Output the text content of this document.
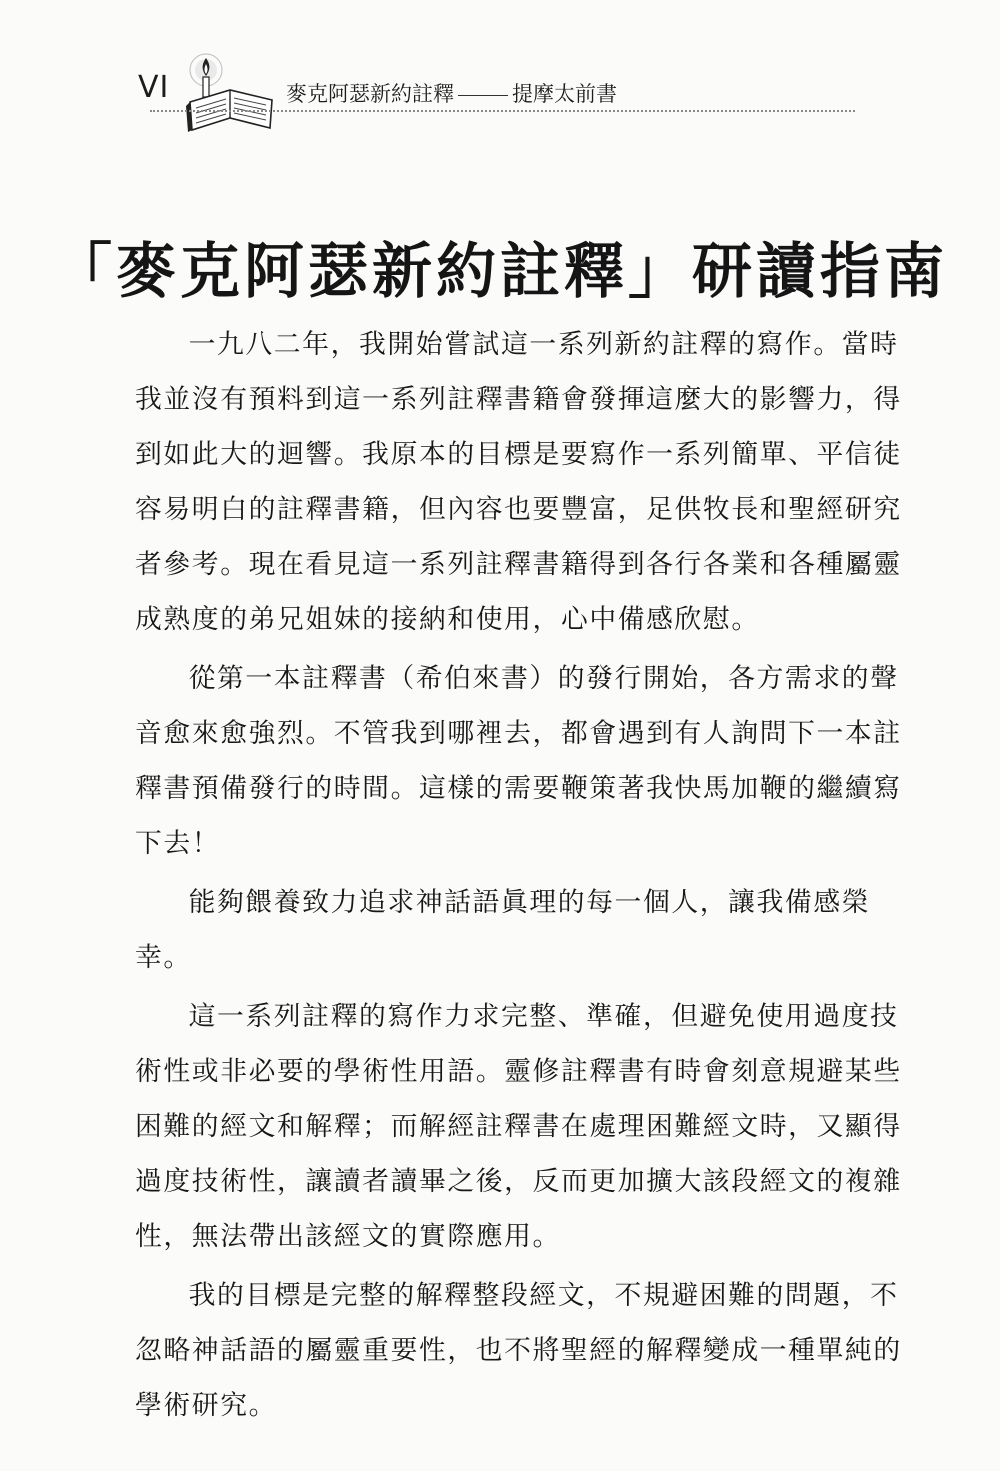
VI	麥克阿瑟新約註釋	提摩太前書
「麥克阿瑟新約註釋」研讀指南

一九八二年，我開始嘗試這一系列新約註釋的寫作。當時我並沒有預料到這一系列註釋書籍會發揮這麼大的影響力，得到如此大的迴響。我原本的目標是要寫作一系列簡單、平信徒容易明白的註釋書籍，但內容也要豐富，足供牧長和聖經研究者參考。現在看見這一系列註釋書籍得到各行各業和各種屬靈成熟度的弟兄姐妹的接納和使用，心中備感欣慰。

從第一本註釋書（希伯來書）的發行開始，各方需求的聲音愈來愈強烈。不管我到哪裡去，都會遇到有人詢問下一本註釋書預備發行的時間。這樣的需要鞭策著我快馬加鞭的繼續寫下去！

能夠餵養致力追求神話語眞理的每一個人，讓我備感榮幸。

這一系列註釋的寫作力求完整、準確，但避免使用過度技術性或非必要的學術性用語。靈修註釋書有時會刻意規避某些困難的經文和解釋；而解經註釋書在處理困難經文時，又顯得過度技術性，讓讀者讀畢之後，反而更加擴大該段經文的複雜性，無法帶出該經文的實際應用。

我的目標是完整的解釋整段經文，不規避困難的問題，不忽略神話語的屬靈重要性，也不將聖經的解釋變成一種單純的學術研究。
